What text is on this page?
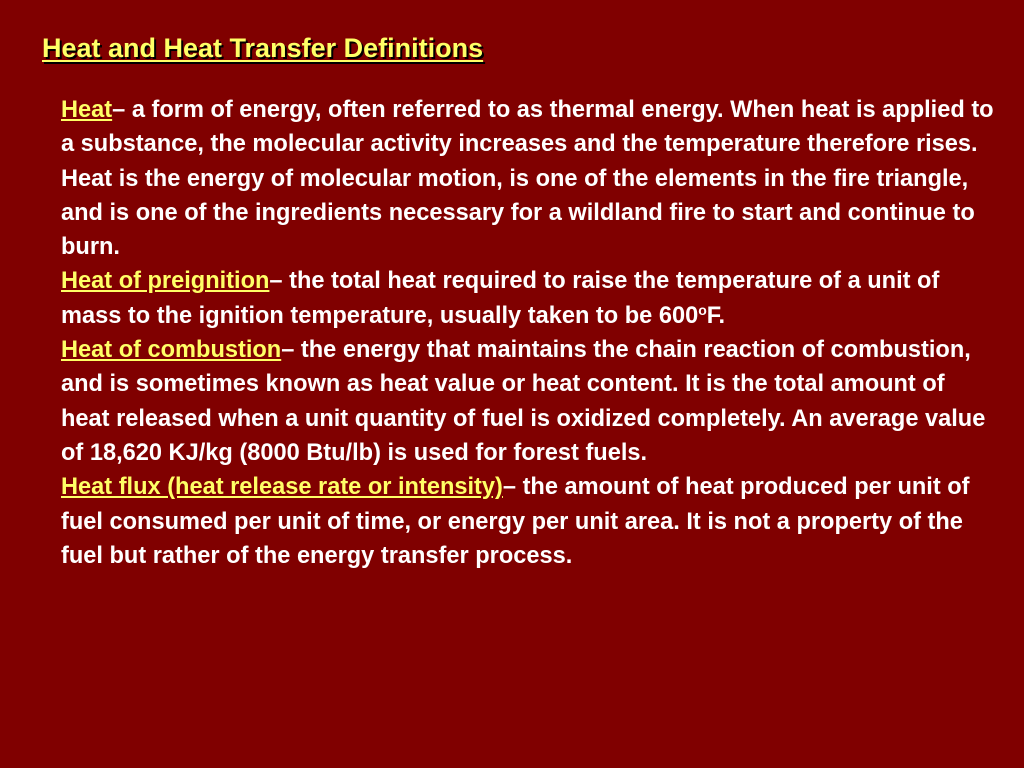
Heat and Heat Transfer Definitions

Heat– a form of energy, often referred to as thermal energy. When heat is applied to a substance, the molecular activity increases and the temperature therefore rises. Heat is the energy of molecular motion, is one of the elements in the fire triangle, and is one of the ingredients necessary for a wildland fire to start and continue to burn.

Heat of preignition– the total heat required to raise the temperature of a unit of mass to the ignition temperature, usually taken to be 600$^o$F.

Heat of combustion– the energy that maintains the chain reaction of combustion, and is sometimes known as heat value or heat content. It is the total amount of heat released when a unit quantity of fuel is oxidized completely. An average value of 18,620 KJ/kg (8000 Btu/lb) is used for forest fuels.

Heat flux (heat release rate or intensity)– the amount of heat produced per unit of fuel consumed per unit of time, or energy per unit area. It is not a property of the fuel but rather of the energy transfer process.
